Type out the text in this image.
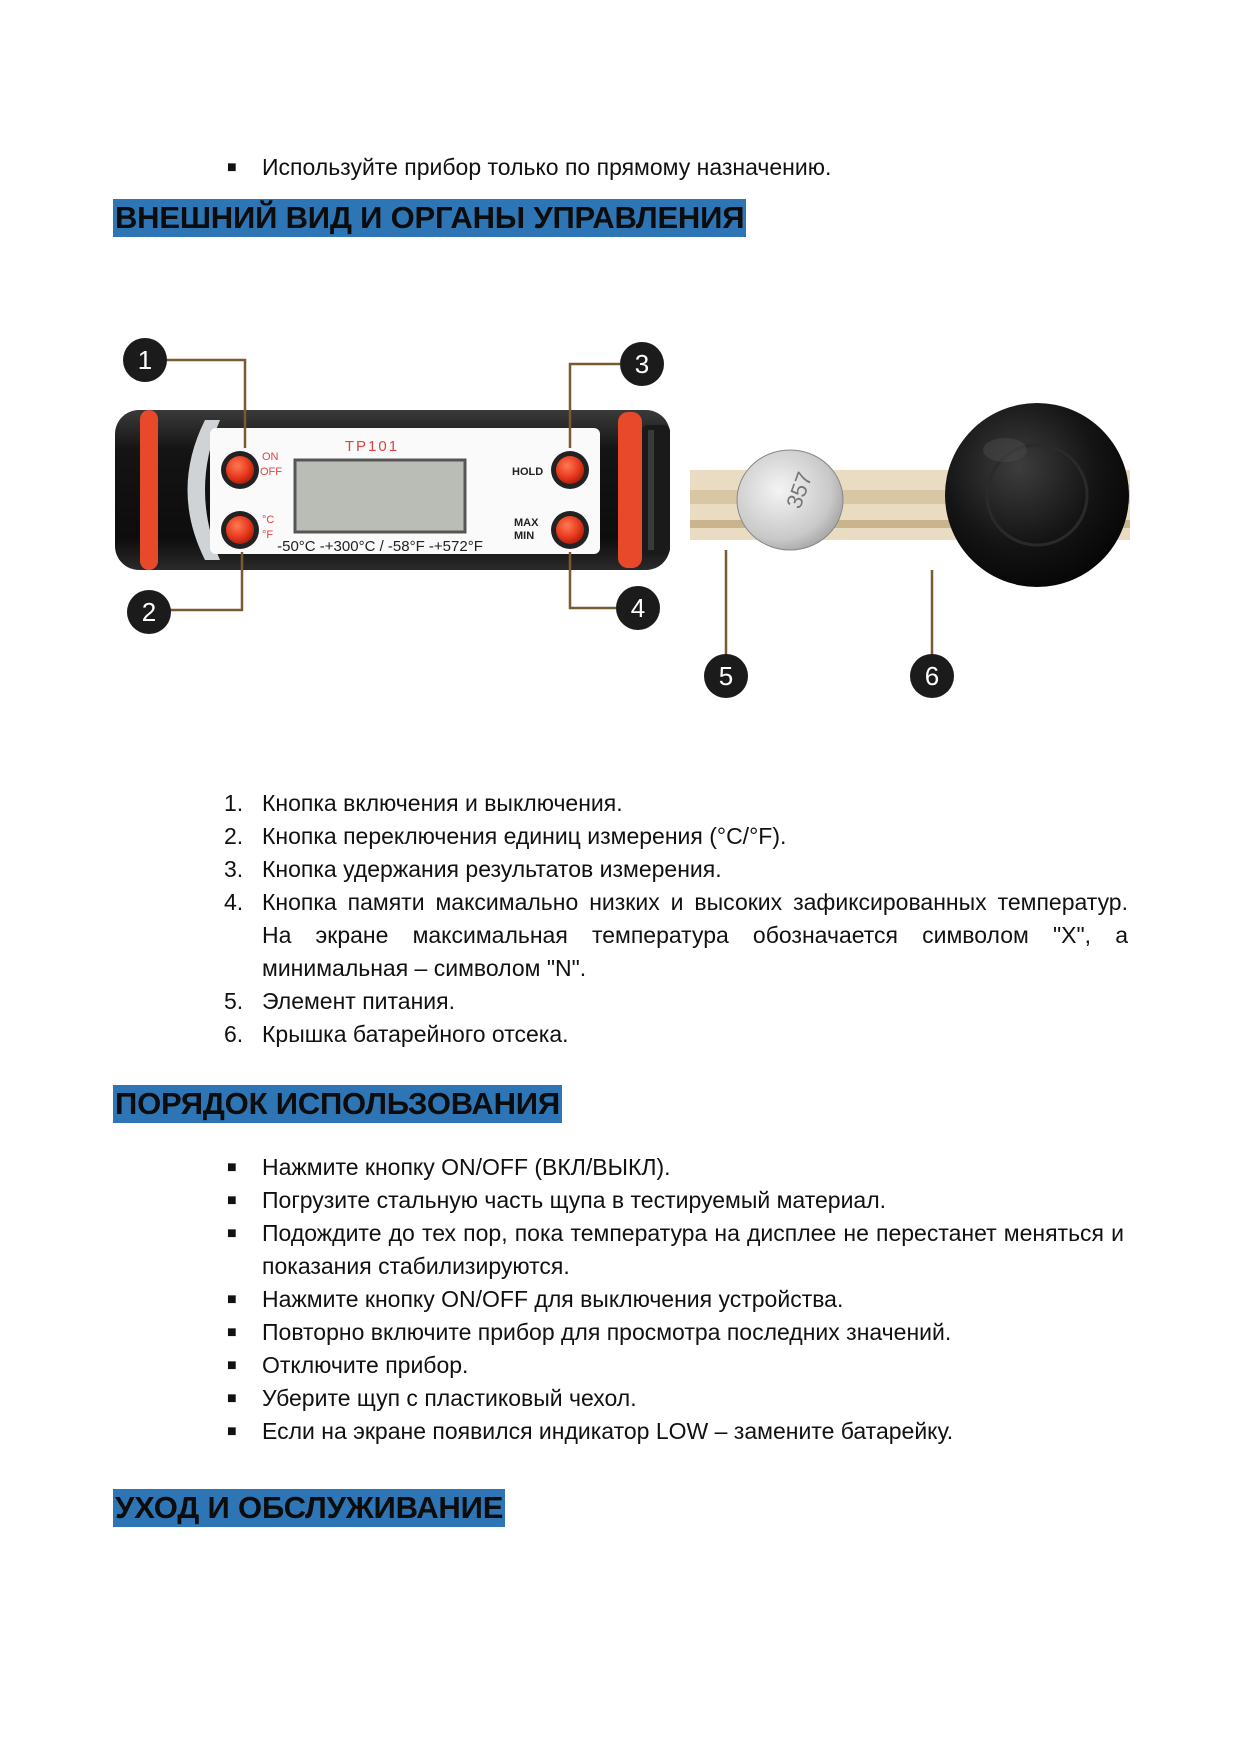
■ Используйте прибор только по прямому назначению.
ВНЕШНИЙ ВИД И ОРГАНЫ УПРАВЛЕНИЯ
TP101
ON
OFF
°C
°F
HOLD
MAX
MIN
-50°C -+300°C / -58°F -+572°F
357
1
2
3
4
5	6
1. Кнопка включения и выключения.
2. Кнопка переключения единиц измерения (°C/°F).
3. Кнопка удержания результатов измерения.
4. Кнопка памяти максимально низких и высоких зафиксированных температур. На экране максимальная температура обозначается символом "X", а минимальная – символом "N".
5. Элемент питания.
6. Крышка батарейного отсека.
ПОРЯДОК ИСПОЛЬЗОВАНИЯ
■ Нажмите кнопку ON/OFF (ВКЛ/ВЫКЛ).
■ Погрузите стальную часть щупа в тестируемый материал.
■ Подождите до тех пор, пока температура на дисплее не перестанет меняться и показания стабилизируются.
■ Нажмите кнопку ON/OFF для выключения устройства.
■ Повторно включите прибор для просмотра последних значений.
■ Отключите прибор.
■ Уберите щуп с пластиковый чехол.
■ Если на экране появился индикатор LOW – замените батарейку.
УХОД И ОБСЛУЖИВАНИЕ
